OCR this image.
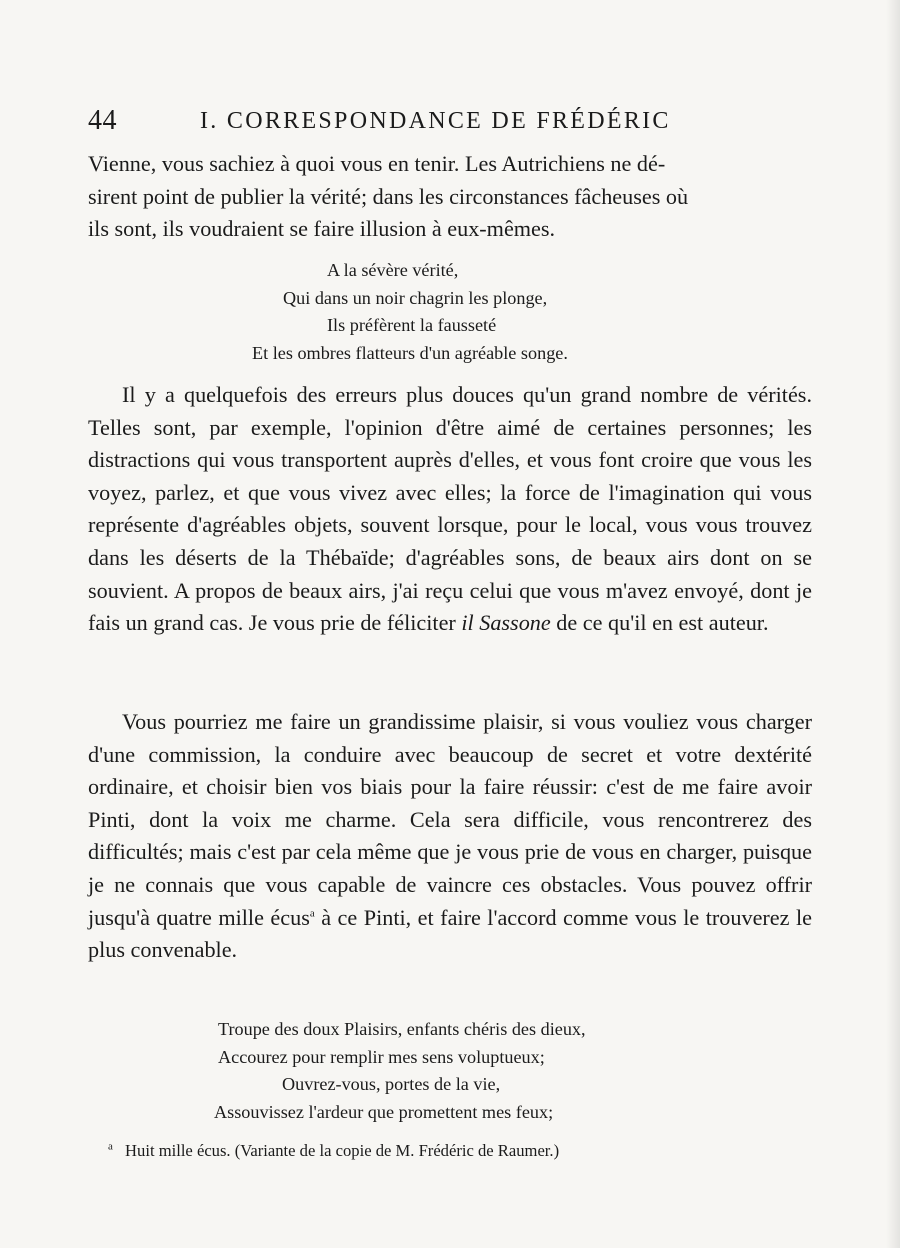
44	I. CORRESPONDANCE DE FRÉDÉRIC
Vienne, vous sachiez à quoi vous en tenir. Les Autrichiens ne dé-
sirent point de publier la vérité; dans les circonstances fâcheuses où
ils sont, ils voudraient se faire illusion à eux-mêmes.
A la sévère vérité,
Qui dans un noir chagrin les plonge,
Ils préfèrent la fausseté
Et les ombres flatteurs d'un agréable songe.

Il y a quelquefois des erreurs plus douces qu'un grand nombre de vérités. Telles sont, par exemple, l'opinion d'être aimé de certaines personnes; les distractions qui vous transportent auprès d'elles, et vous font croire que vous les voyez, parlez, et que vous vivez avec elles; la force de l'imagination qui vous représente d'agréables objets, souvent lorsque, pour le local, vous vous trouvez dans les déserts de la Thébaïde; d'agréables sons, de beaux airs dont on se souvient. A propos de beaux airs, j'ai reçu celui que vous m'avez envoyé, dont je fais un grand cas. Je vous prie de féliciter il Sassone de ce qu'il en est auteur.

Vous pourriez me faire un grandissime plaisir, si vous vouliez vous charger d'une commission, la conduire avec beaucoup de secret et votre dextérité ordinaire, et choisir bien vos biais pour la faire réussir: c'est de me faire avoir Pinti, dont la voix me charme. Cela sera difficile, vous rencontrerez des difficultés; mais c'est par cela même que je vous prie de vous en charger, puisque je ne connais que vous capable de vaincre ces obstacles. Vous pouvez offrir jusqu'à quatre mille écus$^a$ à ce Pinti, et faire l'accord comme vous le trouverez le plus convenable.

Troupe des doux Plaisirs, enfants chéris des dieux,
Accourez pour remplir mes sens voluptueux;
Ouvrez-vous, portes de la vie,
Assouvissez l'ardeur que promettent mes feux;
$^a$ Huit mille écus. (Variante de la copie de M. Frédéric de Raumer.)
